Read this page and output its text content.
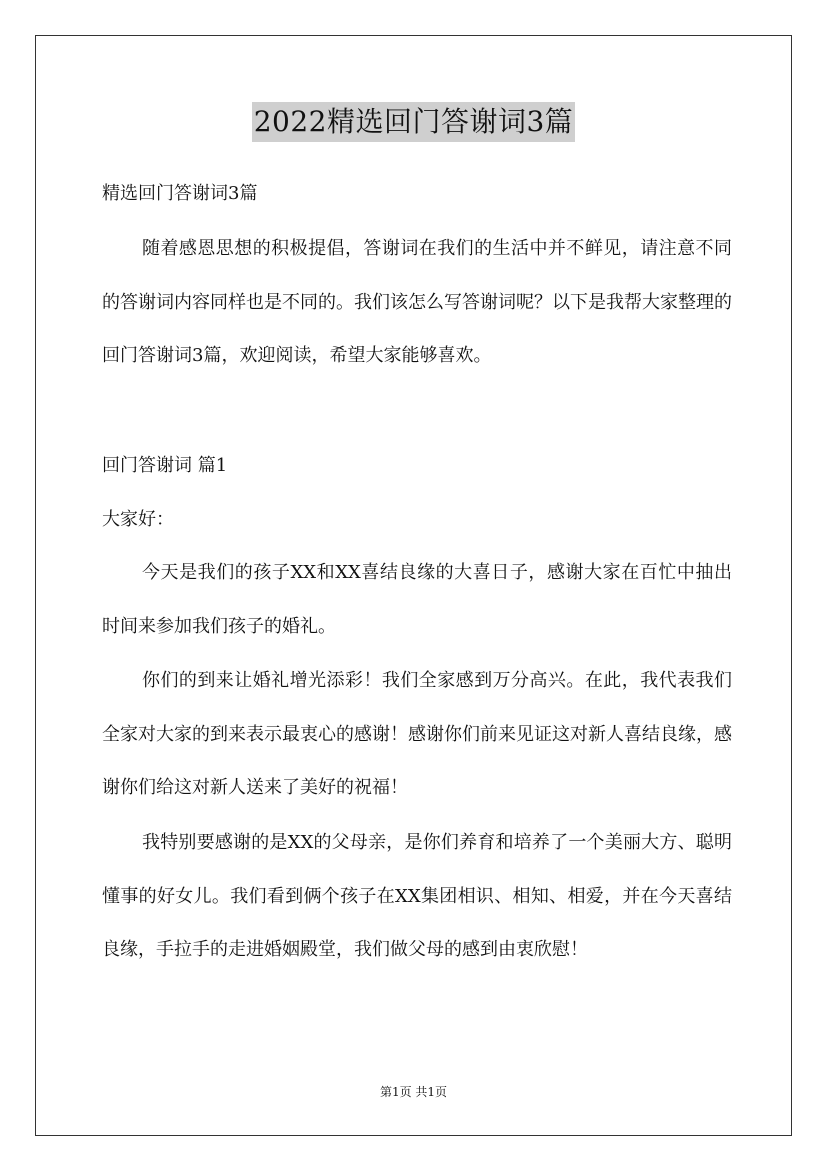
2022精选回门答谢词3篇
精选回门答谢词3篇
随着感恩思想的积极提倡，答谢词在我们的生活中并不鲜见，请注意不同的答谢词内容同样也是不同的。我们该怎么写答谢词呢？以下是我帮大家整理的回门答谢词3篇，欢迎阅读，希望大家能够喜欢。
回门答谢词 篇1
大家好：
今天是我们的孩子XX和XX喜结良缘的大喜日子，感谢大家在百忙中抽出时间来参加我们孩子的婚礼。
你们的到来让婚礼增光添彩！我们全家感到万分高兴。在此，我代表我们全家对大家的到来表示最衷心的感谢！感谢你们前来见证这对新人喜结良缘，感谢你们给这对新人送来了美好的祝福！
我特别要感谢的是XX的父母亲，是你们养育和培养了一个美丽大方、聪明懂事的好女儿。我们看到俩个孩子在XX集团相识、相知、相爱，并在今天喜结良缘，手拉手的走进婚姻殿堂，我们做父母的感到由衷欣慰！
第1页 共1页
